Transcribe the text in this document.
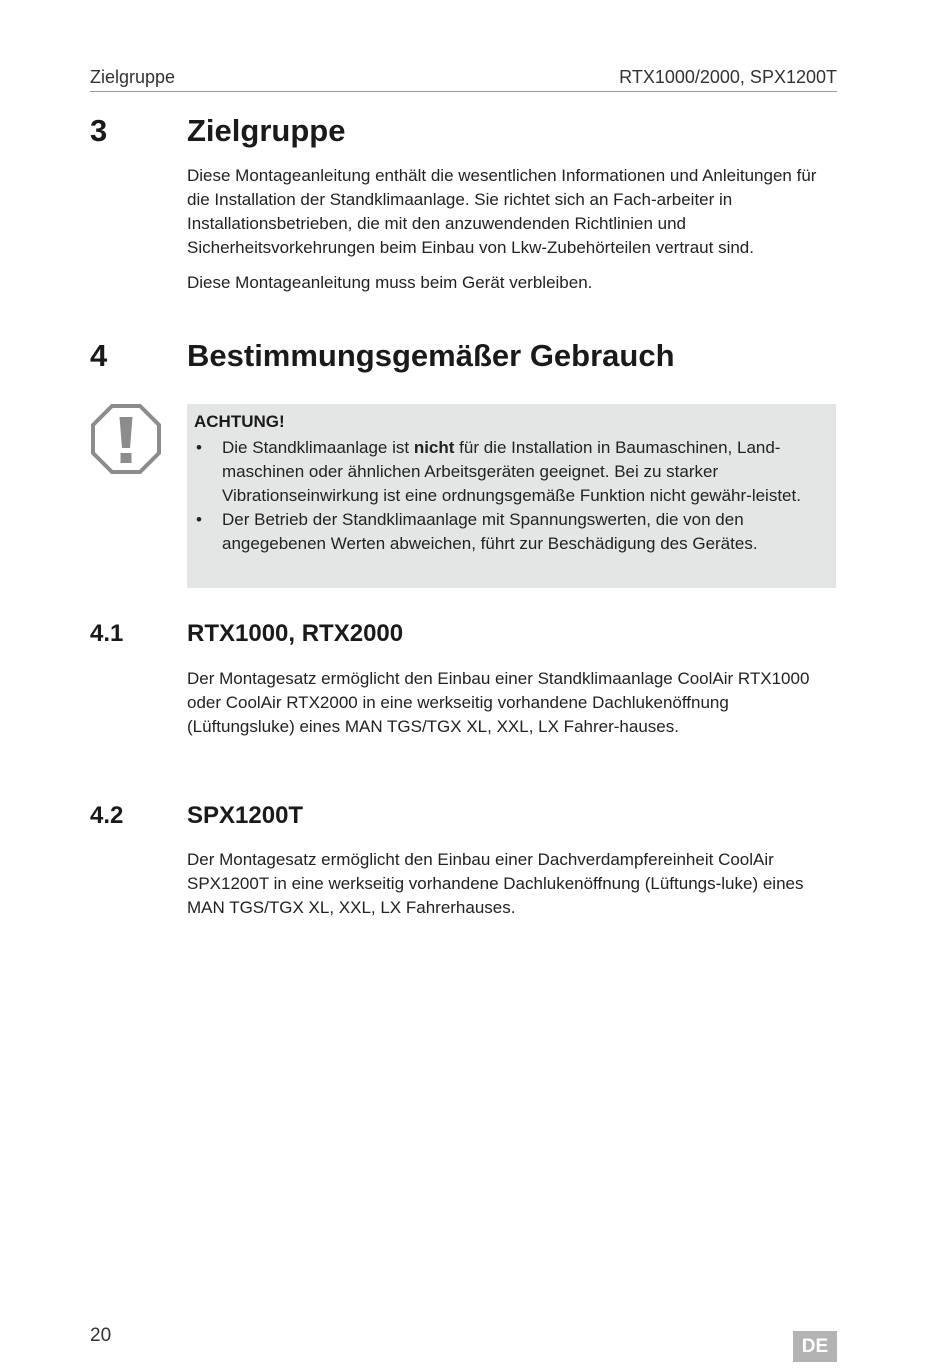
Zielgruppe	RTX1000/2000, SPX1200T
3	Zielgruppe

Diese Montageanleitung enthält die wesentlichen Informationen und Anleitungen für die Installation der Standklimaanlage. Sie richtet sich an Fach-arbeiter in Installationsbetrieben, die mit den anzuwendenden Richtlinien und Sicherheitsvorkehrungen beim Einbau von Lkw-Zubehörteilen vertraut sind.

Diese Montageanleitung muss beim Gerät verbleiben.

4	Bestimmungsgemäßer Gebrauch
ACHTUNG!
• Die Standklimaanlage ist nicht für die Installation in Baumaschinen, Land-maschinen oder ähnlichen Arbeitsgeräten geeignet. Bei zu starker Vibrationseinwirkung ist eine ordnungsgemäße Funktion nicht gewähr-leistet.
• Der Betrieb der Standklimaanlage mit Spannungswerten, die von den angegebenen Werten abweichen, führt zur Beschädigung des Gerätes.
4.1	RTX1000, RTX2000

Der Montagesatz ermöglicht den Einbau einer Standklimaanlage CoolAir RTX1000 oder CoolAir RTX2000 in eine werkseitig vorhandene Dachlukenöffnung (Lüftungsluke) eines MAN TGS/TGX XL, XXL, LX Fahrer-hauses.

4.2	SPX1200T

Der Montagesatz ermöglicht den Einbau einer Dachverdampfereinheit CoolAir SPX1200T in eine werkseitig vorhandene Dachlukenöffnung (Lüftungs-luke) eines MAN TGS/TGX XL, XXL, LX Fahrerhauses.

20
DE
